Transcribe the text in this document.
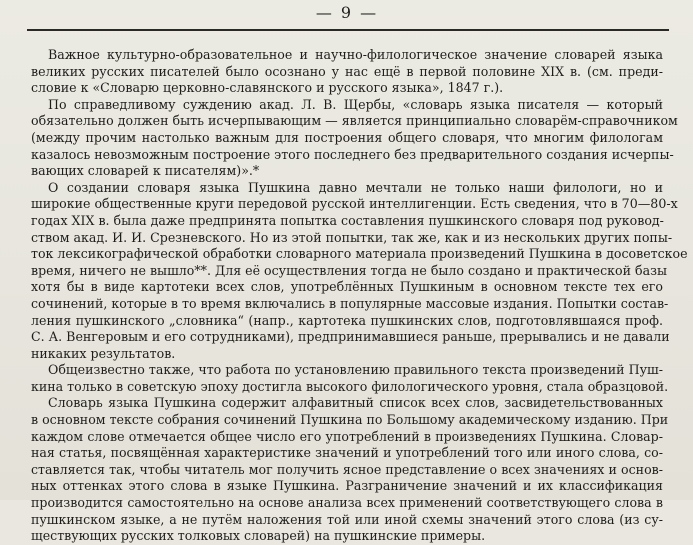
— 9 —

Важное культурно-образовательное и научно-филологическое значение словарей языка
великих русских писателей было осознано у нас ещё в первой половине XIX в. (см. преди-
словие к «Словарю церковно-славянского и русского языка», 1847 г.).

По справедливому суждению акад. Л. В. Щербы, «словарь языка писателя — который
обязательно должен быть исчерпывающим — является принципиально словарём-справочником
(между прочим настолько важным для построения общего словаря, что многим филологам
казалось невозможным построение этого последнего без предварительного создания исчерпы-
вающих словарей к писателям)».*

О создании словаря языка Пушкина давно мечтали не только наши филологи, но и
широкие общественные круги передовой русской интеллигенции. Есть сведения, что в 70—80-х
годах XIX в. была даже предпринята попытка составления пушкинского словаря под руковод-
ством акад. И. И. Срезневского. Но из этой попытки, так же, как и из нескольких других попы-
ток лексикографической обработки словарного материала произведений Пушкина в досоветское
время, ничего не вышло**. Для её осуществления тогда не было создано и практической базы
хотя бы в виде картотеки всех слов, употреблённых Пушкиным в основном тексте тех его
сочинений, которые в то время включались в популярные массовые издания. Попытки состав-
ления пушкинского „словника“ (напр., картотека пушкинских слов, подготовлявшаяся проф.
С. А. Венгеровым и его сотрудниками), предпринимавшиеся раньше, прерывались и не давали
никаких результатов.

Общеизвестно также, что работа по установлению правильного текста произведений Пуш-
кина только в советскую эпоху достигла высокого филологического уровня, стала образцовой.

Словарь языка Пушкина содержит алфавитный список всех слов, засвидетельствованных
в основном тексте собрания сочинений Пушкина по Большому академическому изданию. При
каждом слове отмечается общее число его употреблений в произведениях Пушкина. Словар-
ная статья, посвящённая характеристике значений и употреблений того или иного слова, со-
ставляется так, чтобы читатель мог получить ясное представление о всех значениях и основ-
ных оттенках этого слова в языке Пушкина. Разграничение значений и их классификация
производится самостоятельно на основе анализа всех применений соответствующего слова в
пушкинском языке, а не путём наложения той или иной схемы значений этого слова (из су-
ществующих русских толковых словарей) на пушкинские примеры.
